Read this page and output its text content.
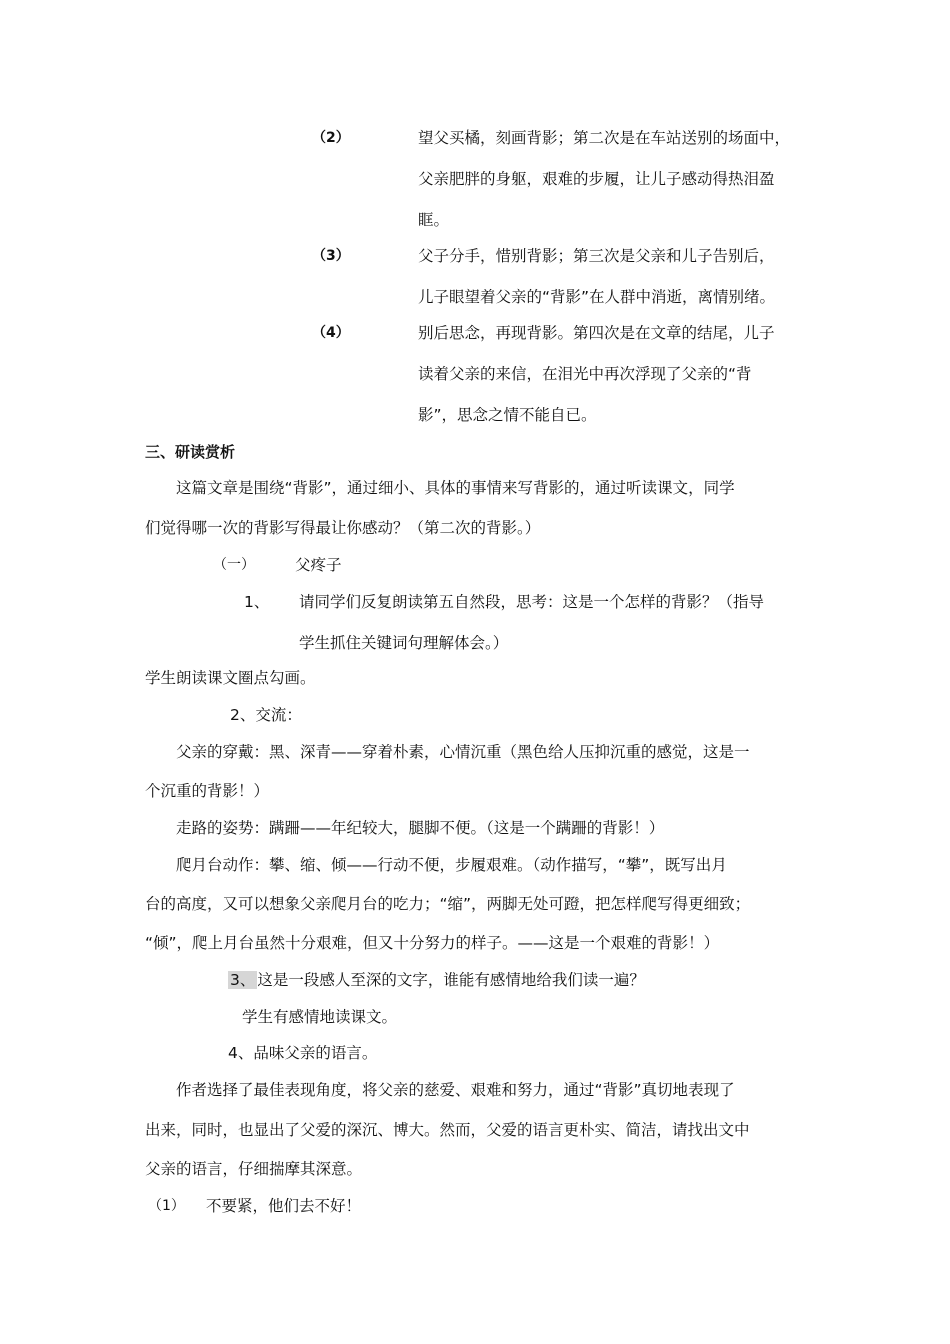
（2）	望父买橘，刻画背影；第二次是在车站送别的场面中，
父亲肥胖的身躯，艰难的步履，让儿子感动得热泪盈
眶。
（3）	父子分手，惜别背影；第三次是父亲和儿子告别后，
儿子眼望着父亲的“背影”在人群中消逝，离情别绪。
（4）	别后思念，再现背影。第四次是在文章的结尾，儿子
读着父亲的来信，在泪光中再次浮现了父亲的“背
影”，思念之情不能自已。
三、研读赏析
这篇文章是围绕“背影”，通过细小、具体的事情来写背影的，通过听读课文，同学
们觉得哪一次的背影写得最让你感动？（第二次的背影。）
（一）	父疼子
1、 请同学们反复朗读第五自然段，思考：这是一个怎样的背影？（指导
学生抓住关键词句理解体会。）
学生朗读课文圈点勾画。
2、交流：
父亲的穿戴：黑、深青——穿着朴素，心情沉重（黑色给人压抑沉重的感觉，这是一
个沉重的背影！）
走路的姿势：蹒跚——年纪较大，腿脚不便。（这是一个蹒跚的背影！）
爬月台动作：攀、缩、倾——行动不便，步履艰难。（动作描写，“攀”，既写出月
台的高度，又可以想象父亲爬月台的吃力；“缩”，两脚无处可蹬，把怎样爬写得更细致；
“倾”，爬上月台虽然十分艰难，但又十分努力的样子。——这是一个艰难的背影！）
3、 这是一段感人至深的文字，谁能有感情地给我们读一遍？
学生有感情地读课文。
4、品味父亲的语言。
作者选择了最佳表现角度，将父亲的慈爱、艰难和努力，通过“背影”真切地表现了
出来，同时，也显出了父爱的深沉、博大。然而，父爱的语言更朴实、简洁，请找出文中
父亲的语言，仔细揣摩其深意。
（1） 不要紧，他们去不好！
